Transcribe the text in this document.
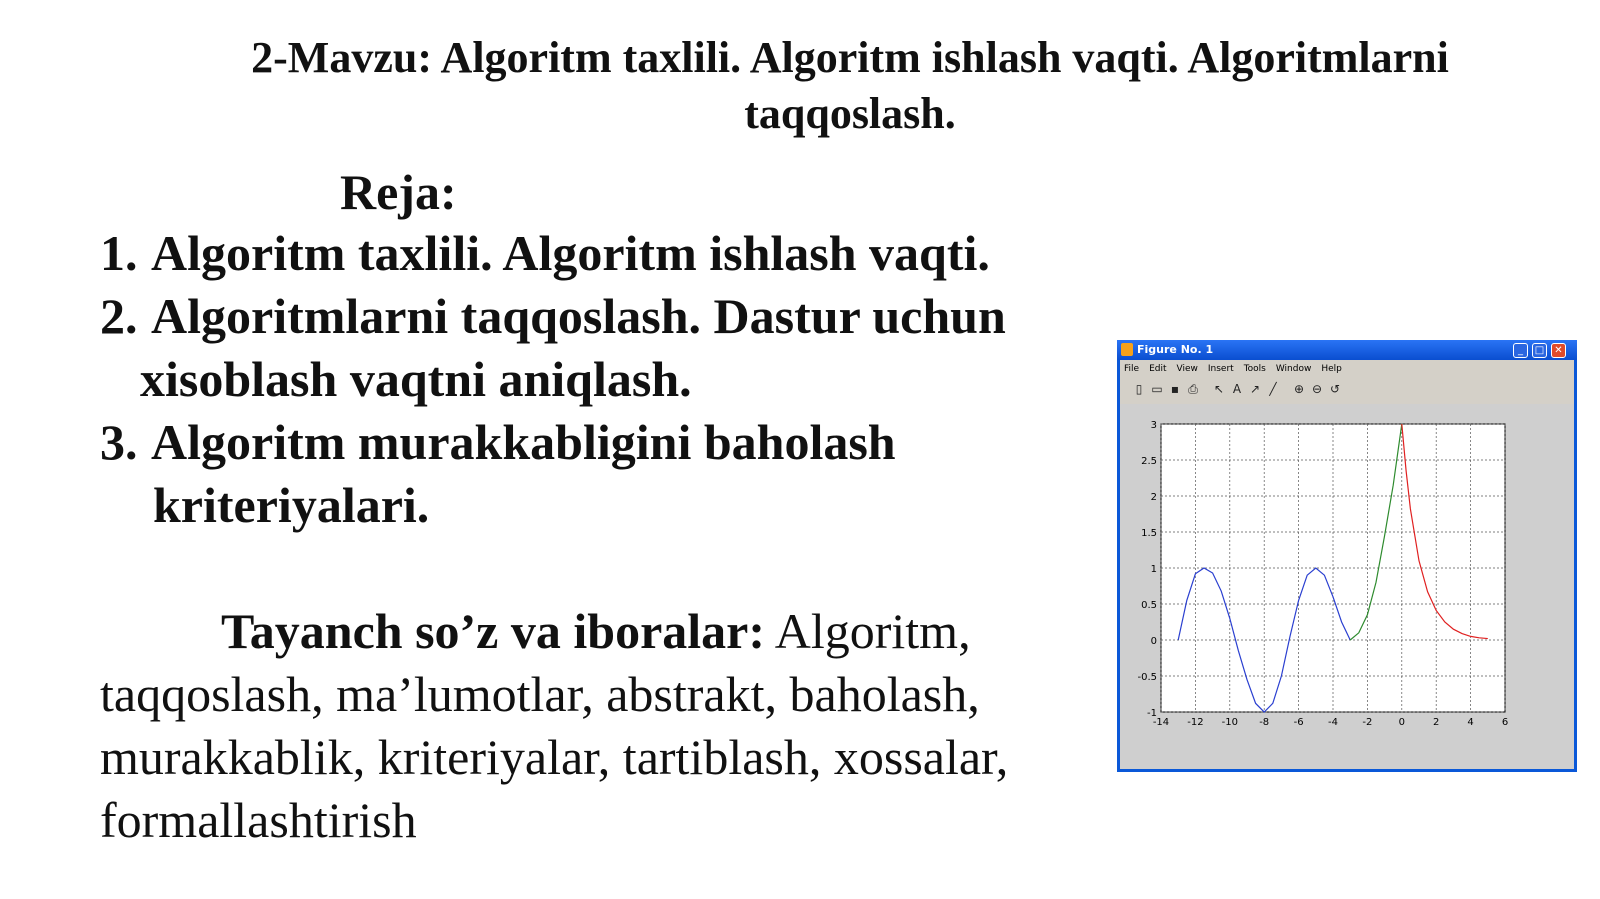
2-Mavzu: Algoritm taxlili. Algoritm ishlash vaqti. Algoritmlarni taqqoslash.
Reja:
1. Algoritm taxlili. Algoritm ishlash vaqti.
2. Algoritmlarni taqqoslash. Dastur uchun
xisoblash vaqtni aniqlash.
3. Algoritm murakkabligini baholash
kriteriyalari.
Tayanch so’z va iboralar: Algoritm, taqqoslash, ma’lumotlar, abstrakt, baholash, murakkablik, kriteriyalar, tartiblash, xossalar, formallashtirish
Figure No. 1	_	□	✕
File Edit View Insert Tools Window Help
▯ ▭ ▪ ⎙ ↖ A ↗ ╱ ⊕ ⊖ ↺
-14 -12 -10 -8 -6 -4 -2	0	2	4	6
-1
-0.5
0
0.5
1
1.5
2
2.5
3
